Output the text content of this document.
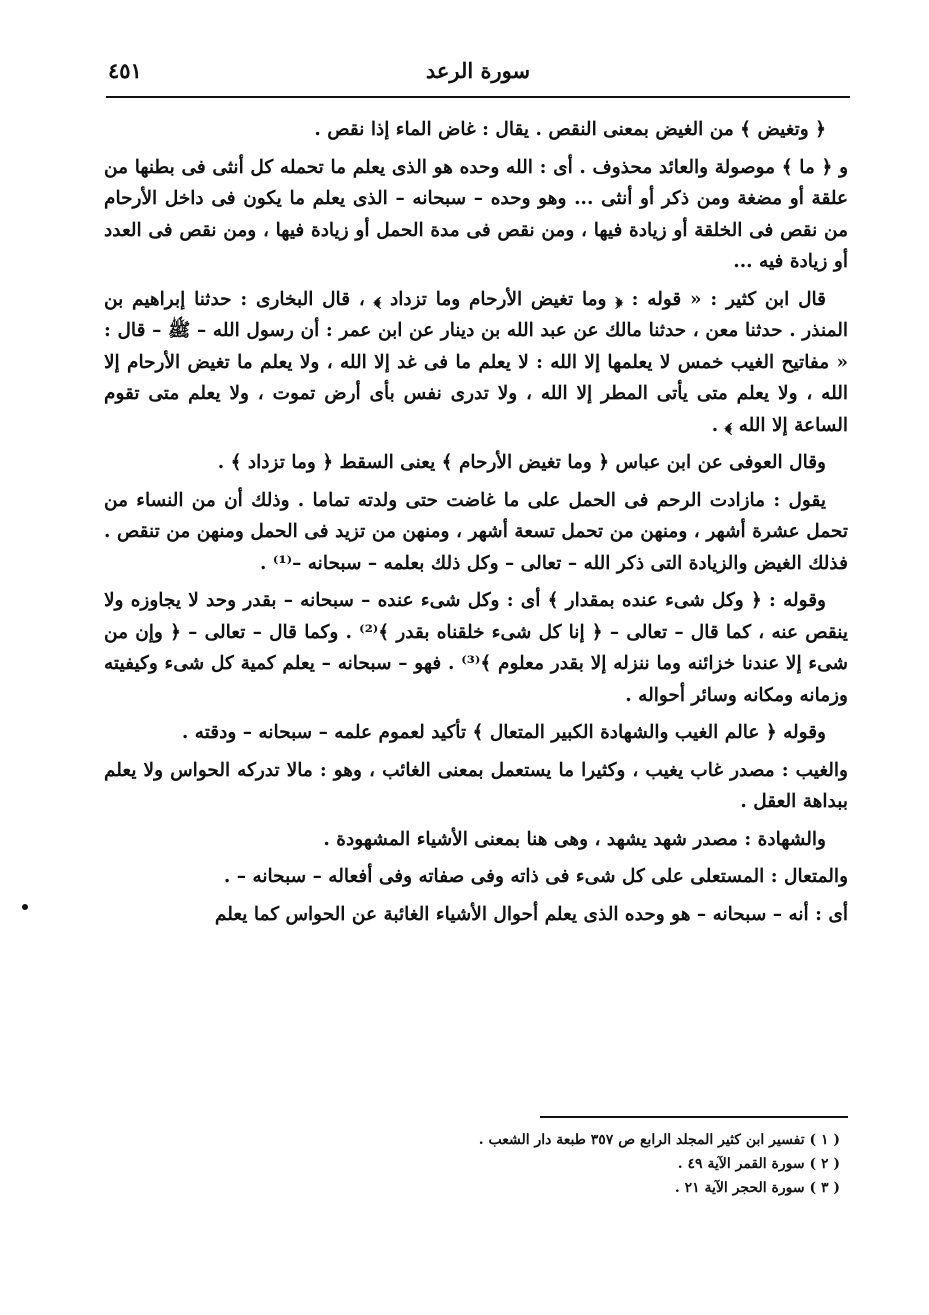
سورة الرعد
٤٥١

﴿ وتغيض ﴾ من الغيض بمعنى النقص . يقال : غاض الماء إذا نقص .

و ﴿ ما ﴾ موصولة والعائد محذوف . أى : الله وحده هو الذى يعلم ما تحمله كل أنثى فى بطنها من علقة أو مضغة ومن ذكر أو أنثى ... وهو وحده – سبحانه – الذى يعلم ما يكون فى داخل الأرحام من نقص فى الخلقة أو زيادة فيها ، ومن نقص فى مدة الحمل أو زيادة فيها ، ومن نقص فى العدد أو زيادة فيه ...

قال ابن كثير : « قوله : ﴿ وما تغيض الأرحام وما تزداد ﴾ ، قال البخارى : حدثنا إبراهيم بن المنذر . حدثنا معن ، حدثنا مالك عن عبد الله بن دينار عن ابن عمر : أن رسول الله – ﷺ – قال : « مفاتيح الغيب خمس لا يعلمها إلا الله : لا يعلم ما فى غد إلا الله ، ولا يعلم ما تغيض الأرحام إلا الله ، ولا يعلم متى يأتى المطر إلا الله ، ولا تدرى نفس بأى أرض تموت ، ولا يعلم متى تقوم الساعة إلا الله ﴾ .

وقال العوفى عن ابن عباس ﴿ وما تغيض الأرحام ﴾ يعنى السقط ﴿ وما تزداد ﴾ .

يقول : مازادت الرحم فى الحمل على ما غاضت حتى ولدته تماما . وذلك أن من النساء من تحمل عشرة أشهر ، ومنهن من تحمل تسعة أشهر ، ومنهن من تزيد فى الحمل ومنهن من تنقص . فذلك الغيض والزيادة التى ذكر الله – تعالى – وكل ذلك بعلمه – سبحانه –⁽¹⁾ .

وقوله : ﴿ وكل شىء عنده بمقدار ﴾ أى : وكل شىء عنده – سبحانه – بقدر وحد لا يجاوزه ولا ينقص عنه ، كما قال – تعالى – ﴿ إنا كل شىء خلقناه بقدر ﴾⁽²⁾ . وكما قال – تعالى – ﴿ وإن من شىء إلا عندنا خزائنه وما ننزله إلا بقدر معلوم ﴾⁽³⁾ . فهو – سبحانه – يعلم كمية كل شىء وكيفيته وزمانه ومكانه وسائر أحواله .

وقوله ﴿ عالم الغيب والشهادة الكبير المتعال ﴾ تأكيد لعموم علمه – سبحانه – ودقته .

والغيب : مصدر غاب يغيب ، وكثيرا ما يستعمل بمعنى الغائب ، وهو : مالا تدركه الحواس ولا يعلم ببداهة العقل .

والشهادة : مصدر شهد يشهد ، وهى هنا بمعنى الأشياء المشهودة .

والمتعال : المستعلى على كل شىء فى ذاته وفى صفاته وفى أفعاله – سبحانه – .

أى : أنه – سبحانه – هو وحده الذى يعلم أحوال الأشياء الغائبة عن الحواس كما يعلم

( ١ ) تفسير ابن كثير المجلد الرابع ص ٣٥٧ طبعة دار الشعب .
( ٢ ) سورة القمر الآية ٤٩ .
( ٣ ) سورة الحجر الآية ٢١ .
